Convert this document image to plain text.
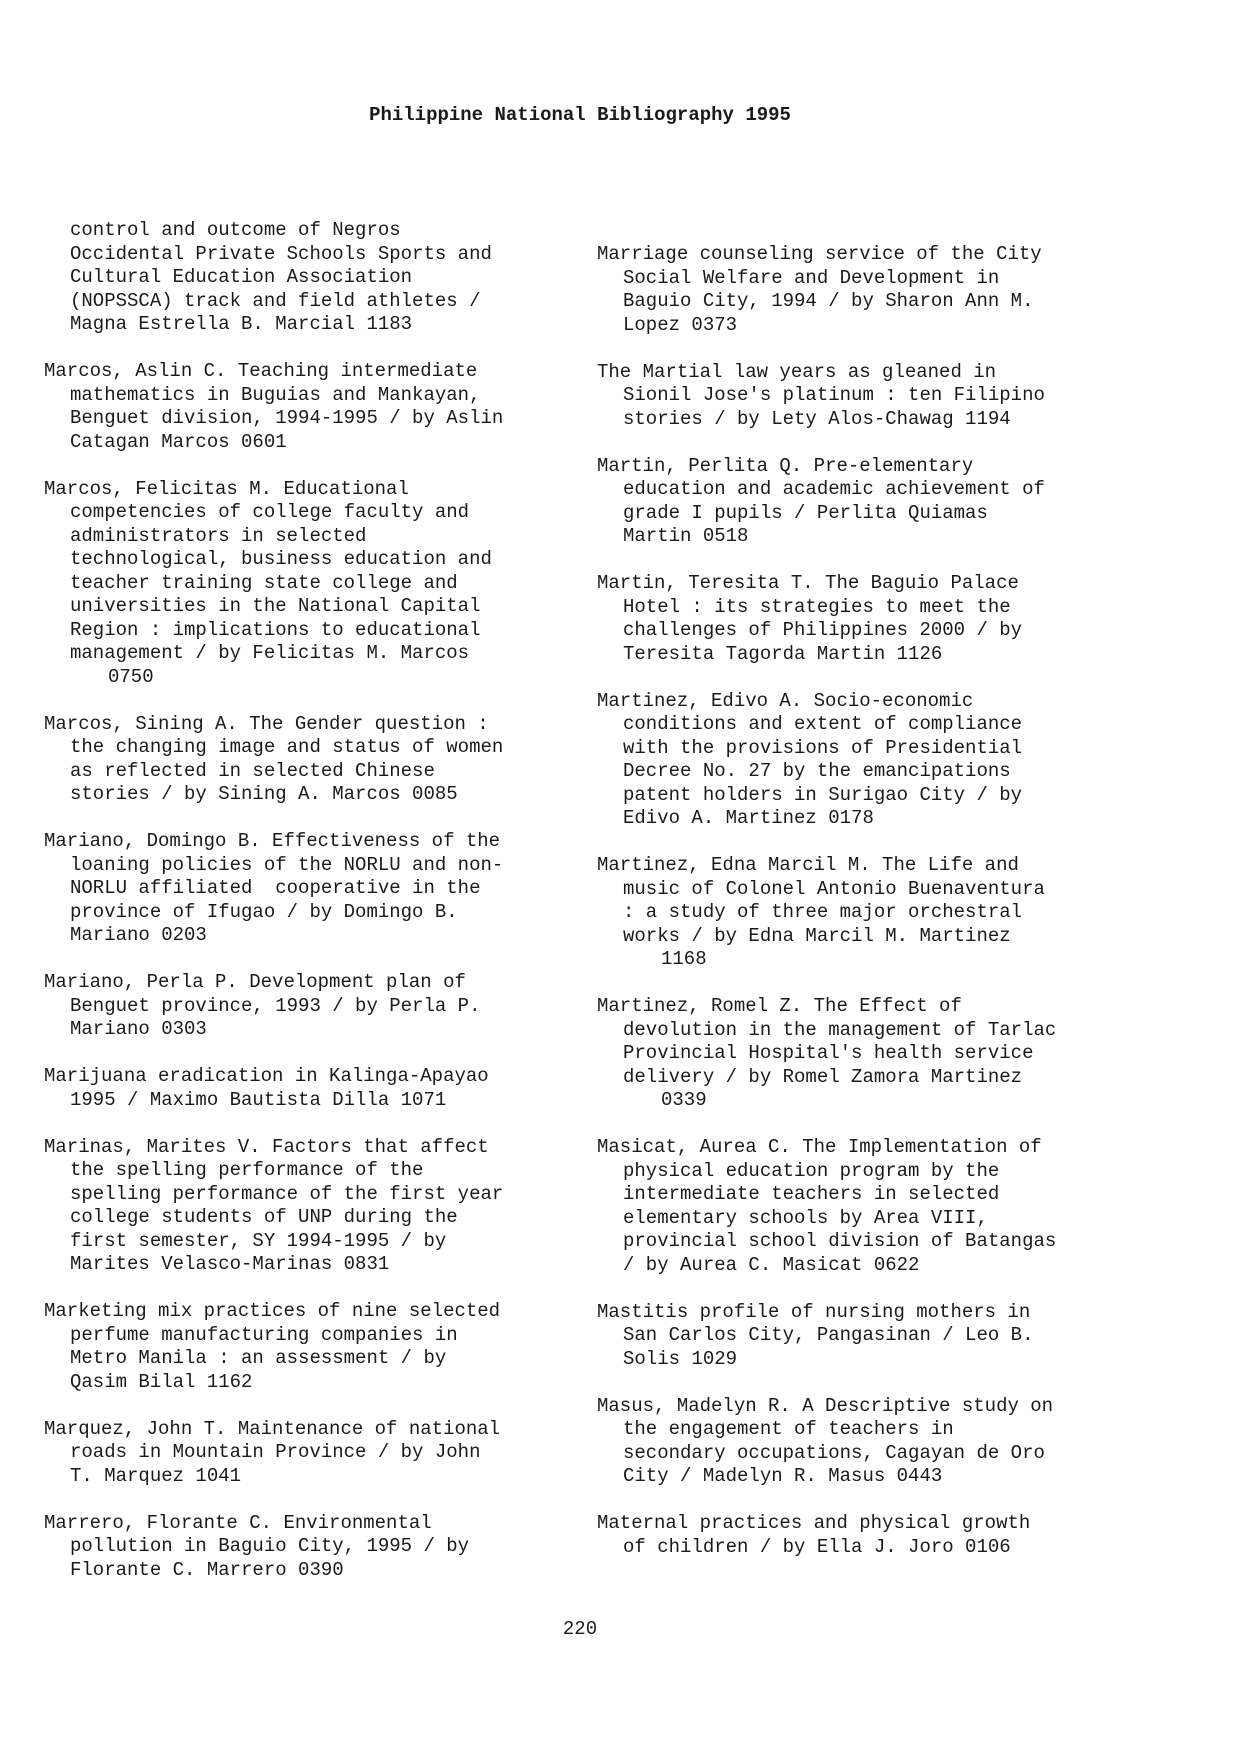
Philippine National Bibliography 1995
control and outcome of Negros
Occidental Private Schools Sports and
Cultural Education Association
(NOPSSCA) track and field athletes /
Magna Estrella B. Marcial 1183
Marcos, Aslin C. Teaching intermediate
mathematics in Buguias and Mankayan,
Benguet division, 1994-1995 / by Aslin
Catagan Marcos 0601
Marcos, Felicitas M. Educational
competencies of college faculty and
administrators in selected
technological, business education and
teacher training state college and
universities in the National Capital
Region : implications to educational
management / by Felicitas M. Marcos
0750
Marcos, Sining A. The Gender question :
the changing image and status of women
as reflected in selected Chinese
stories / by Sining A. Marcos 0085
Mariano, Domingo B. Effectiveness of the
loaning policies of the NORLU and non-
NORLU affiliated  cooperative in the
province of Ifugao / by Domingo B.
Mariano 0203
Mariano, Perla P. Development plan of
Benguet province, 1993 / by Perla P.
Mariano 0303
Marijuana eradication in Kalinga-Apayao
1995 / Maximo Bautista Dilla 1071
Marinas, Marites V. Factors that affect
the spelling performance of the
spelling performance of the first year
college students of UNP during the
first semester, SY 1994-1995 / by
Marites Velasco-Marinas 0831
Marketing mix practices of nine selected
perfume manufacturing companies in
Metro Manila : an assessment / by
Qasim Bilal 1162
Marquez, John T. Maintenance of national
roads in Mountain Province / by John
T. Marquez 1041
Marrero, Florante C. Environmental
pollution in Baguio City, 1995 / by
Florante C. Marrero 0390
Marriage counseling service of the City
Social Welfare and Development in
Baguio City, 1994 / by Sharon Ann M.
Lopez 0373
The Martial law years as gleaned in
Sionil Jose's platinum : ten Filipino
stories / by Lety Alos-Chawag 1194
Martin, Perlita Q. Pre-elementary
education and academic achievement of
grade I pupils / Perlita Quiamas
Martin 0518
Martin, Teresita T. The Baguio Palace
Hotel : its strategies to meet the
challenges of Philippines 2000 / by
Teresita Tagorda Martin 1126
Martinez, Edivo A. Socio-economic
conditions and extent of compliance
with the provisions of Presidential
Decree No. 27 by the emancipations
patent holders in Surigao City / by
Edivo A. Martinez 0178
Martinez, Edna Marcil M. The Life and
music of Colonel Antonio Buenaventura
: a study of three major orchestral
works / by Edna Marcil M. Martinez
1168
Martinez, Romel Z. The Effect of
devolution in the management of Tarlac
Provincial Hospital's health service
delivery / by Romel Zamora Martinez
0339
Masicat, Aurea C. The Implementation of
physical education program by the
intermediate teachers in selected
elementary schools by Area VIII,
provincial school division of Batangas
/ by Aurea C. Masicat 0622
Mastitis profile of nursing mothers in
San Carlos City, Pangasinan / Leo B.
Solis 1029
Masus, Madelyn R. A Descriptive study on
the engagement of teachers in
secondary occupations, Cagayan de Oro
City / Madelyn R. Masus 0443
Maternal practices and physical growth
of children / by Ella J. Joro 0106
220
